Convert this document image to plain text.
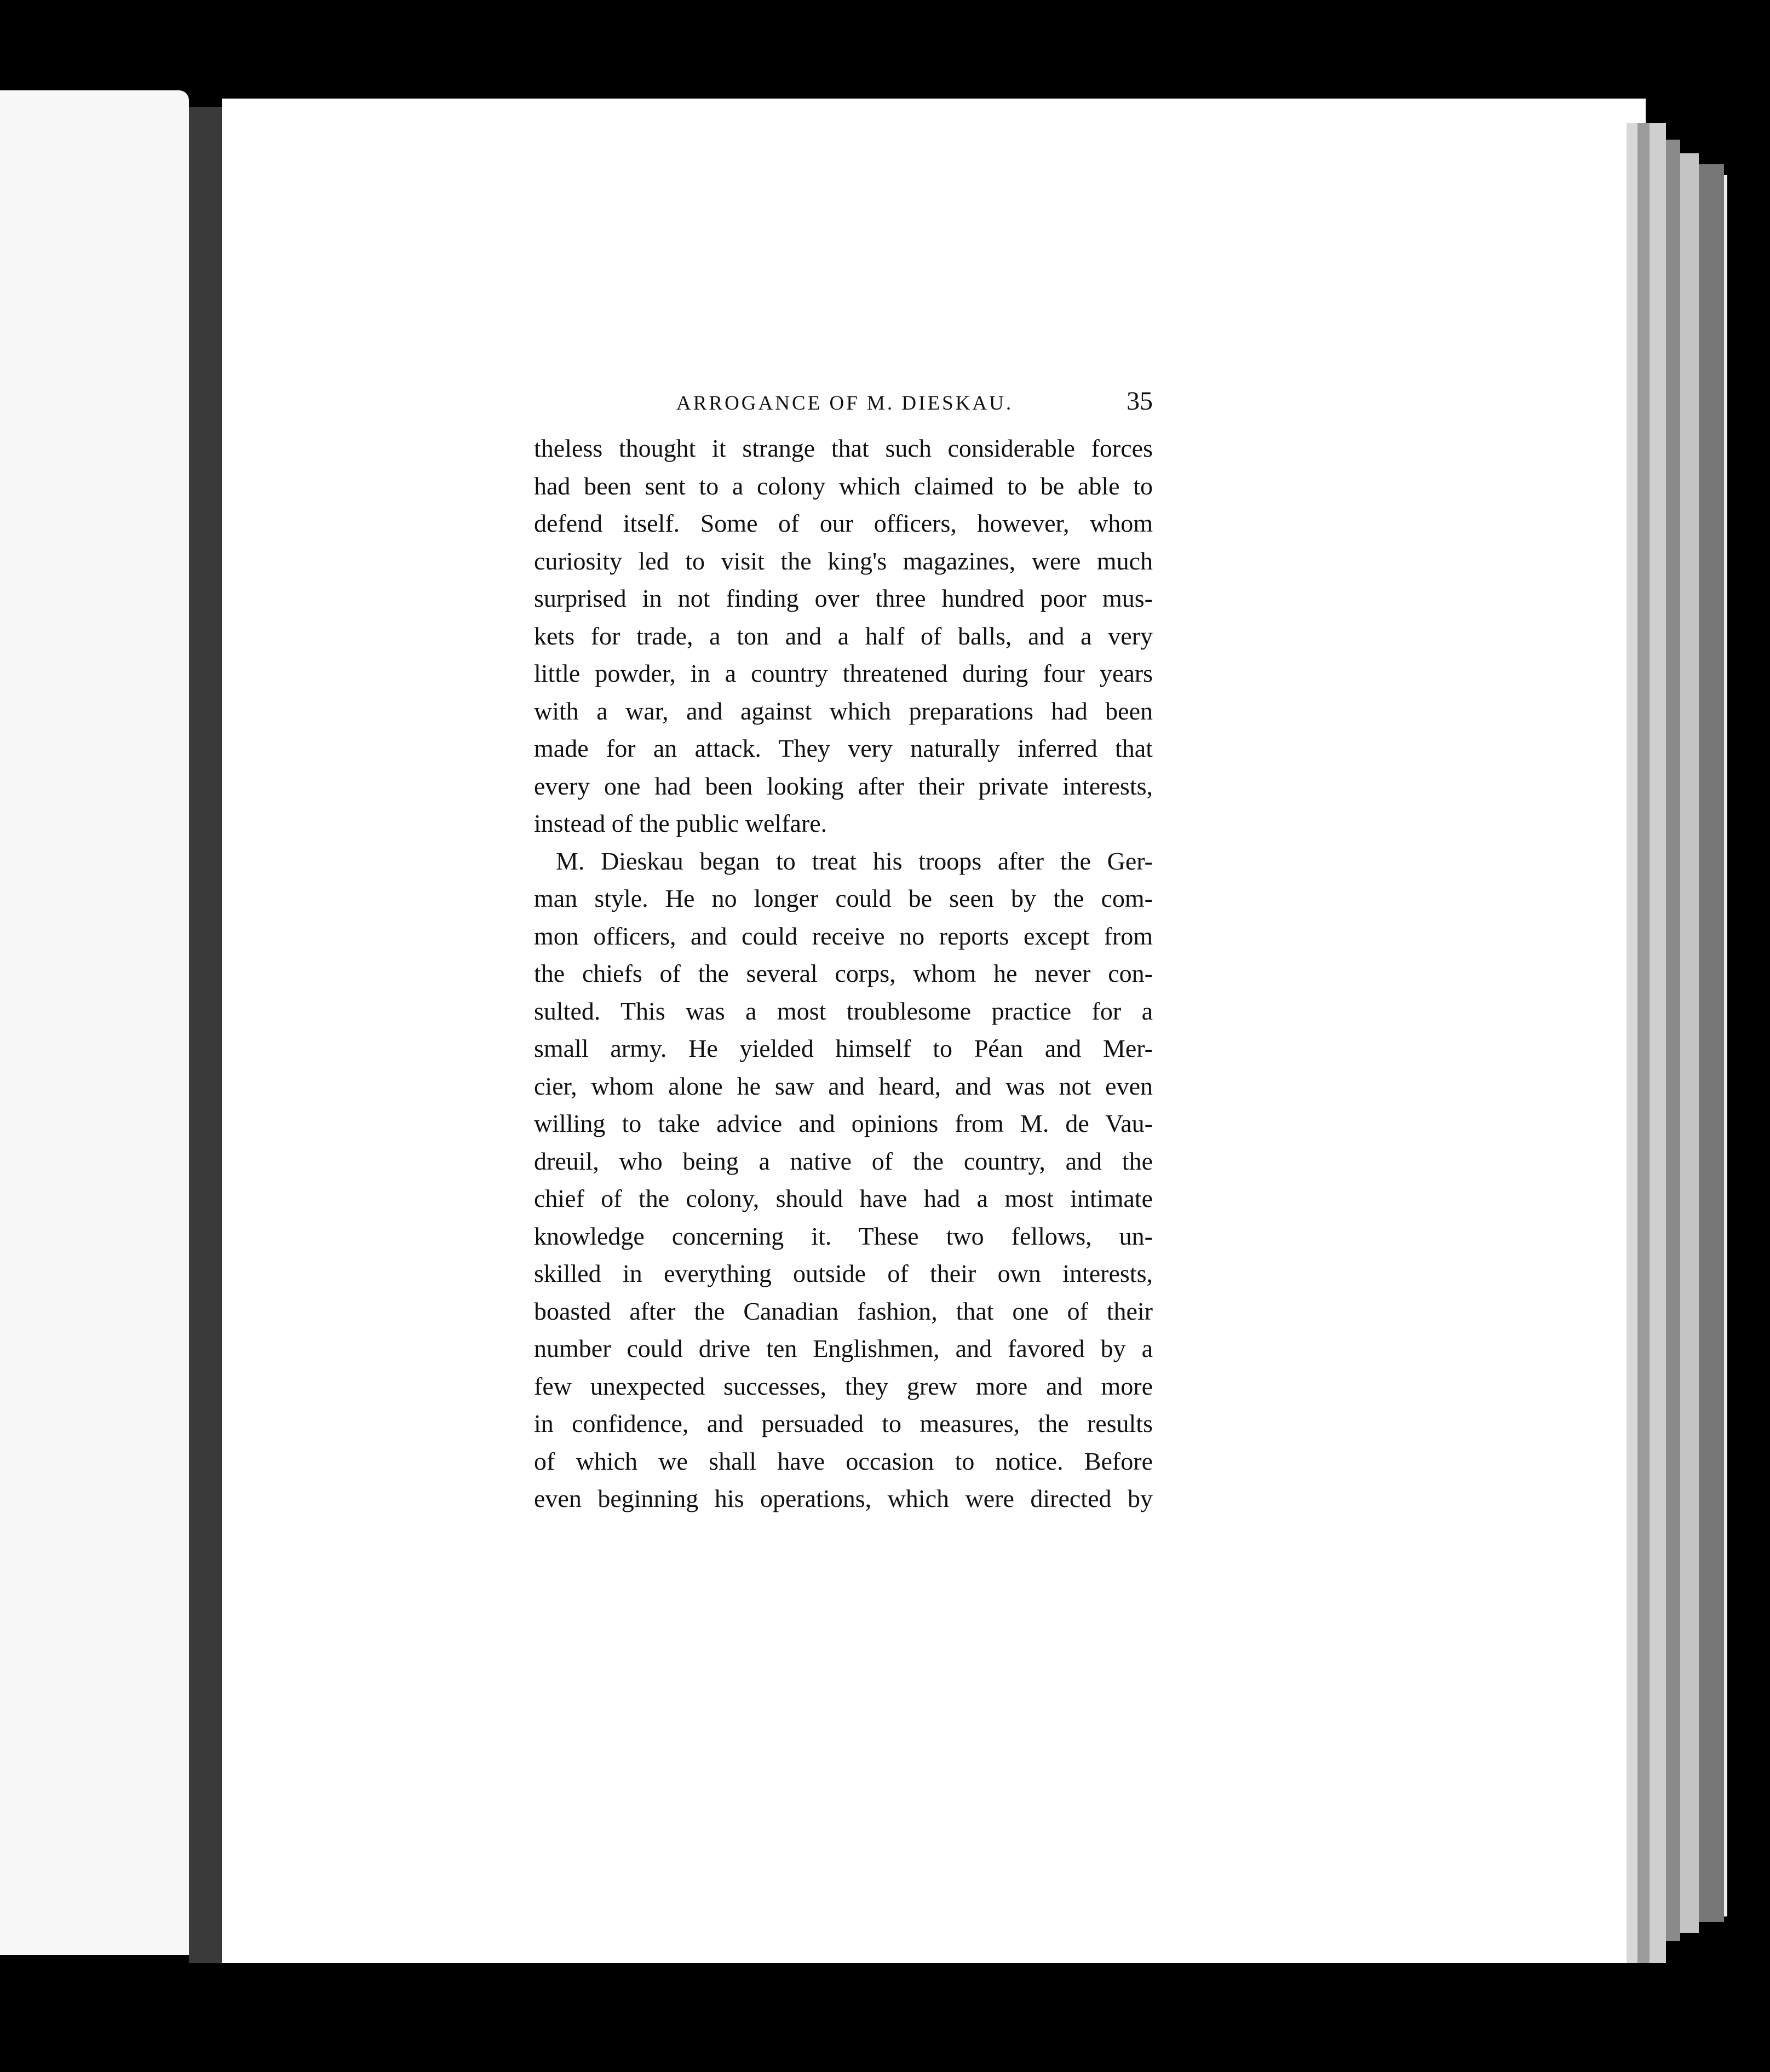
ARROGANCE OF M. DIESKAU.	35
theless thought it strange that such considerable forces
had been sent to a colony which claimed to be able to
defend itself. Some of our officers, however, whom
curiosity led to visit the king's magazines, were much
surprised in not finding over three hundred poor mus-
kets for trade, a ton and a half of balls, and a very
little powder, in a country threatened during four years
with a war, and against which preparations had been
made for an attack. They very naturally inferred that
every one had been looking after their private interests,
instead of the public welfare.
M. Dieskau began to treat his troops after the Ger-
man style. He no longer could be seen by the com-
mon officers, and could receive no reports except from
the chiefs of the several corps, whom he never con-
sulted. This was a most troublesome practice for a
small army. He yielded himself to Péan and Mer-
cier, whom alone he saw and heard, and was not even
willing to take advice and opinions from M. de Vau-
dreuil, who being a native of the country, and the
chief of the colony, should have had a most intimate
knowledge concerning it. These two fellows, un-
skilled in everything outside of their own interests,
boasted after the Canadian fashion, that one of their
number could drive ten Englishmen, and favored by a
few unexpected successes, they grew more and more
in confidence, and persuaded to measures, the results
of which we shall have occasion to notice. Before
even beginning his operations, which were directed by
